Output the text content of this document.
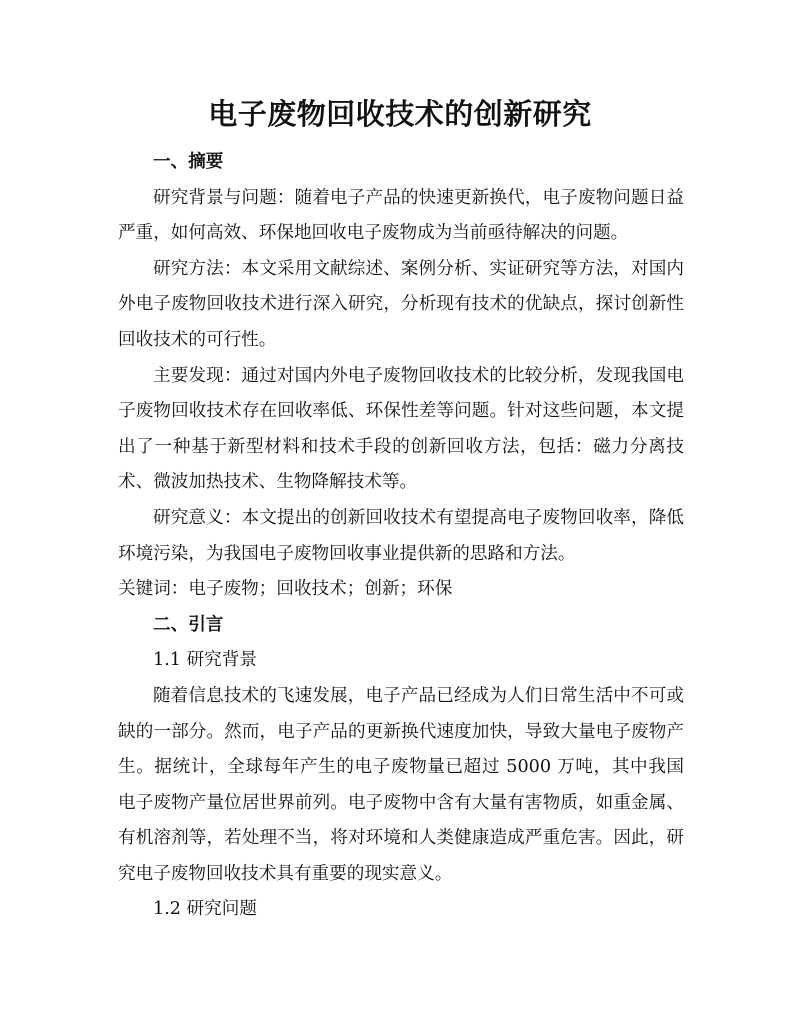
电子废物回收技术的创新研究
一、摘要

研究背景与问题：随着电子产品的快速更新换代，电子废物问题日益严重，如何高效、环保地回收电子废物成为当前亟待解决的问题。

研究方法：本文采用文献综述、案例分析、实证研究等方法，对国内外电子废物回收技术进行深入研究，分析现有技术的优缺点，探讨创新性回收技术的可行性。

主要发现：通过对国内外电子废物回收技术的比较分析，发现我国电子废物回收技术存在回收率低、环保性差等问题。针对这些问题，本文提出了一种基于新型材料和技术手段的创新回收方法，包括：磁力分离技术、微波加热技术、生物降解技术等。

研究意义：本文提出的创新回收技术有望提高电子废物回收率，降低环境污染，为我国电子废物回收事业提供新的思路和方法。

关键词：电子废物；回收技术；创新；环保

二、引言

1.1 研究背景

随着信息技术的飞速发展，电子产品已经成为人们日常生活中不可或缺的一部分。然而，电子产品的更新换代速度加快，导致大量电子废物产生。据统计，全球每年产生的电子废物量已超过 5000 万吨，其中我国电子废物产量位居世界前列。电子废物中含有大量有害物质，如重金属、有机溶剂等，若处理不当，将对环境和人类健康造成严重危害。因此，研究电子废物回收技术具有重要的现实意义。

1.2 研究问题
